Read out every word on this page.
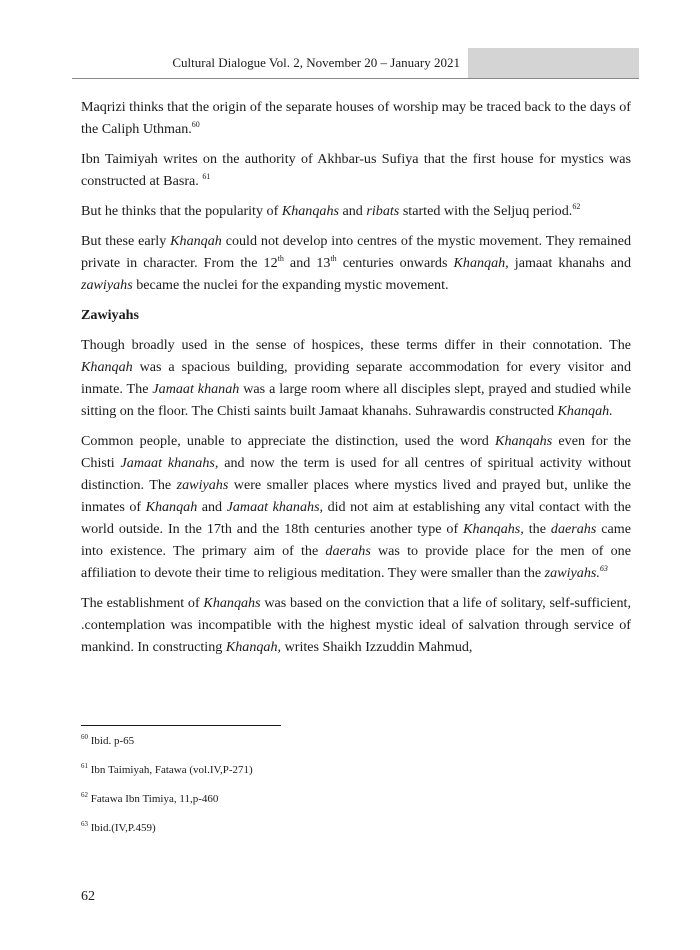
Cultural Dialogue Vol. 2, November 20 – January 2021

Maqrizi thinks that the origin of the separate houses of worship may be traced back to the days of the Caliph Uthman.$^{60}$

Ibn Taimiyah writes on the authority of Akhbar-us Sufiya that the first house for mystics was constructed at Basra. $^{61}$

But he thinks that the popularity of Khanqahs and ribats started with the Seljuq period.$^{62}$

But these early Khanqah could not develop into centres of the mystic movement. They remained private in character. From the 12th and 13th centuries onwards Khanqah, jamaat khanahs and zawiyahs became the nuclei for the expanding mystic movement.

Zawiyahs

Though broadly used in the sense of hospices, these terms differ in their connotation. The Khanqah was a spacious building, providing separate accommodation for every visitor and inmate. The Jamaat khanah was a large room where all disciples slept, prayed and studied while sitting on the floor. The Chisti saints built Jamaat khanahs. Suhrawardis constructed Khanqah.

Common people, unable to appreciate the distinction, used the word Khanqahs even for the Chisti Jamaat khanahs, and now the term is used for all centres of spiritual activity without distinction. The zawiyahs were smaller places where mystics lived and prayed but, unlike the inmates of Khanqah and Jamaat khanahs, did not aim at establishing any vital contact with the world outside. In the 17th and the 18th centuries another type of Khanqahs, the daerahs came into existence. The primary aim of the daerahs was to provide place for the men of one affiliation to devote their time to religious meditation. They were smaller than the zawiyahs.$^{63}$

The establishment of Khanqahs was based on the conviction that a life of solitary, self-sufficient, .contemplation was incompatible with the highest mystic ideal of salvation through service of mankind. In constructing Khanqah, writes Shaikh Izzuddin Mahmud,

$^{60}$ Ibid. p-65
$^{61}$ Ibn Taimiyah, Fatawa (vol.IV,P-271)
$^{62}$ Fatawa Ibn Timiya, 11,p-460
$^{63}$ Ibid.(IV,P.459)
62
